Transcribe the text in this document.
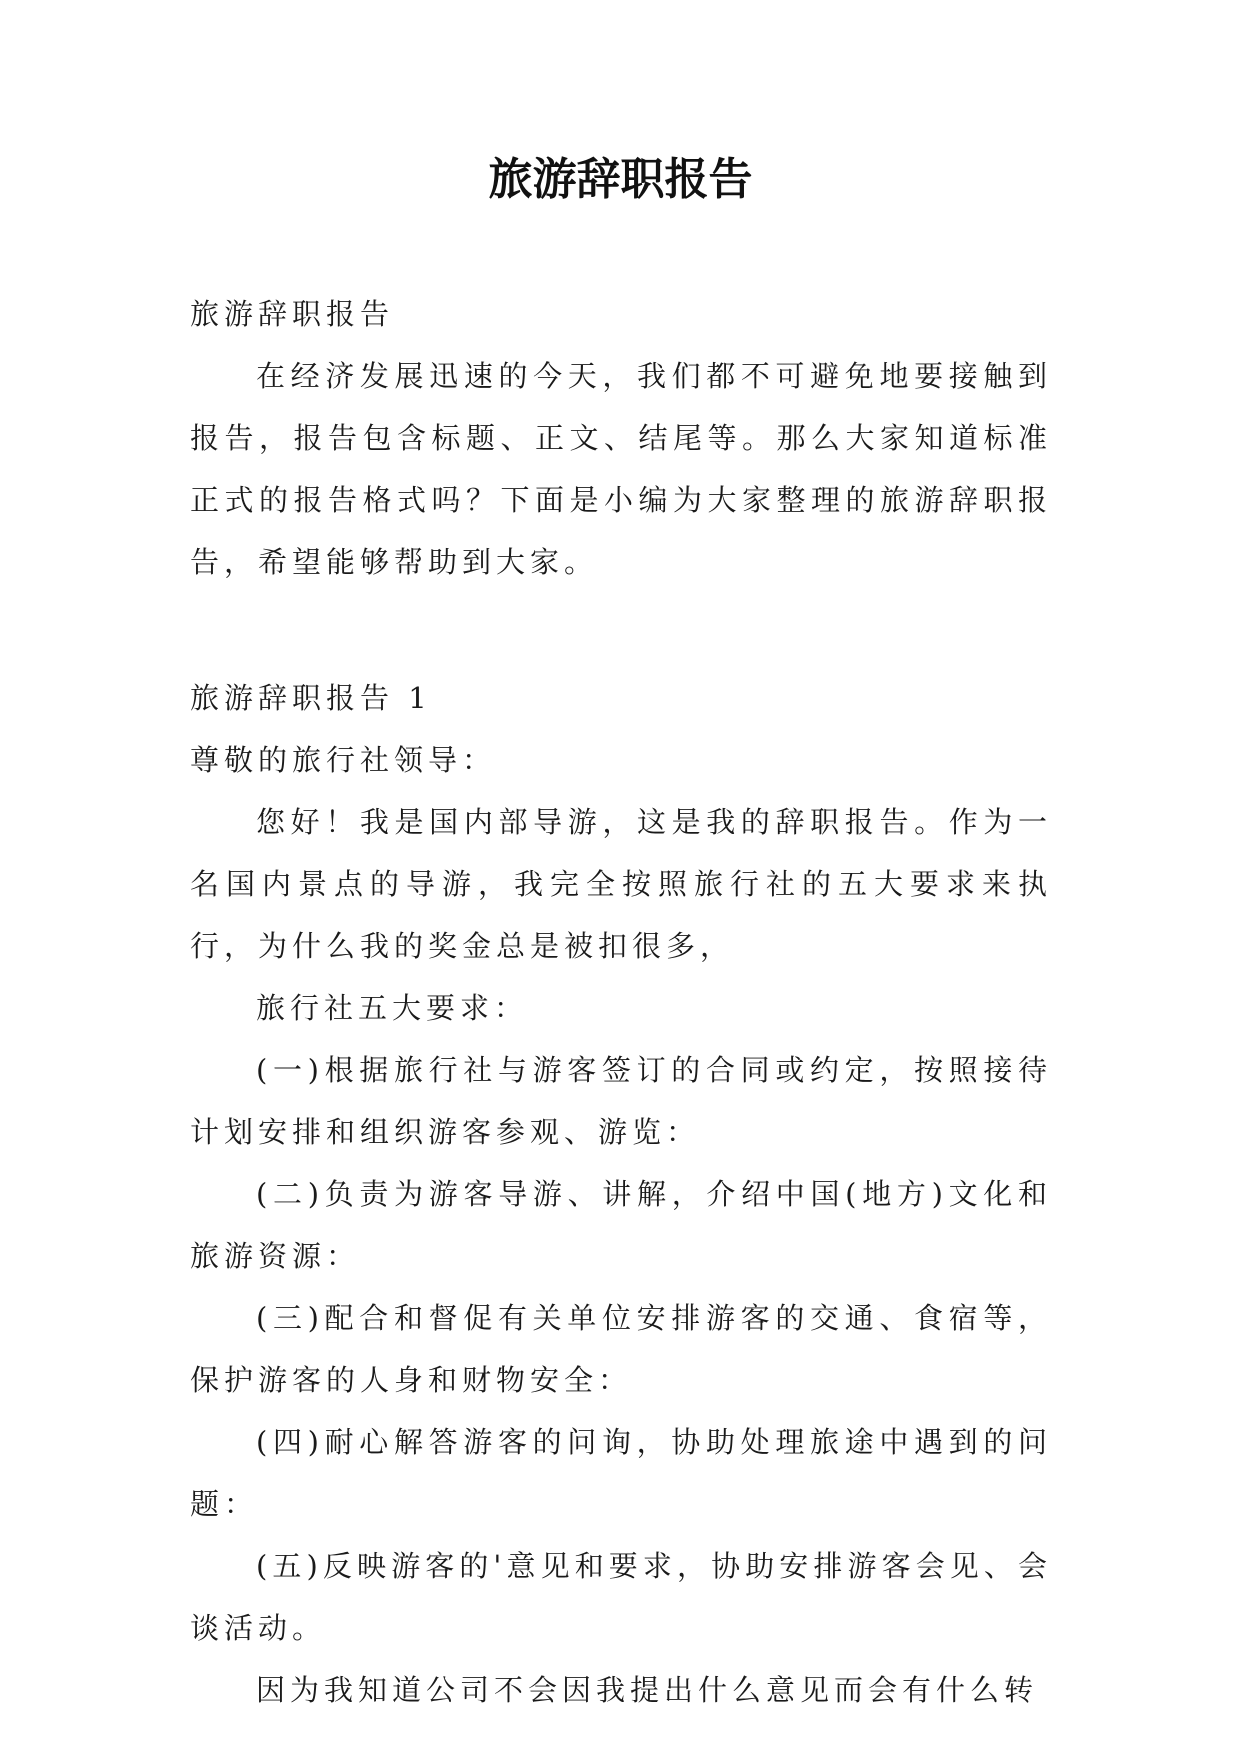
旅游辞职报告
旅游辞职报告

在经济发展迅速的今天，我们都不可避免地要接触到报告，报告包含标题、正文、结尾等。那么大家知道标准正式的报告格式吗？下面是小编为大家整理的旅游辞职报告，希望能够帮助到大家。

旅游辞职报告 1
尊敬的旅行社领导：

您好！我是国内部导游，这是我的辞职报告。作为一名国内景点的导游，我完全按照旅行社的五大要求来执行，为什么我的奖金总是被扣很多，

旅行社五大要求：

(一)根据旅行社与游客签订的合同或约定，按照接待计划安排和组织游客参观、游览：

(二)负责为游客导游、讲解，介绍中国(地方)文化和旅游资源：

(三)配合和督促有关单位安排游客的交通、食宿等，保护游客的人身和财物安全：

(四)耐心解答游客的问询，协助处理旅途中遇到的问题：

(五)反映游客的'意见和要求，协助安排游客会见、会谈活动。

因为我知道公司不会因我提出什么意见而会有什么转
